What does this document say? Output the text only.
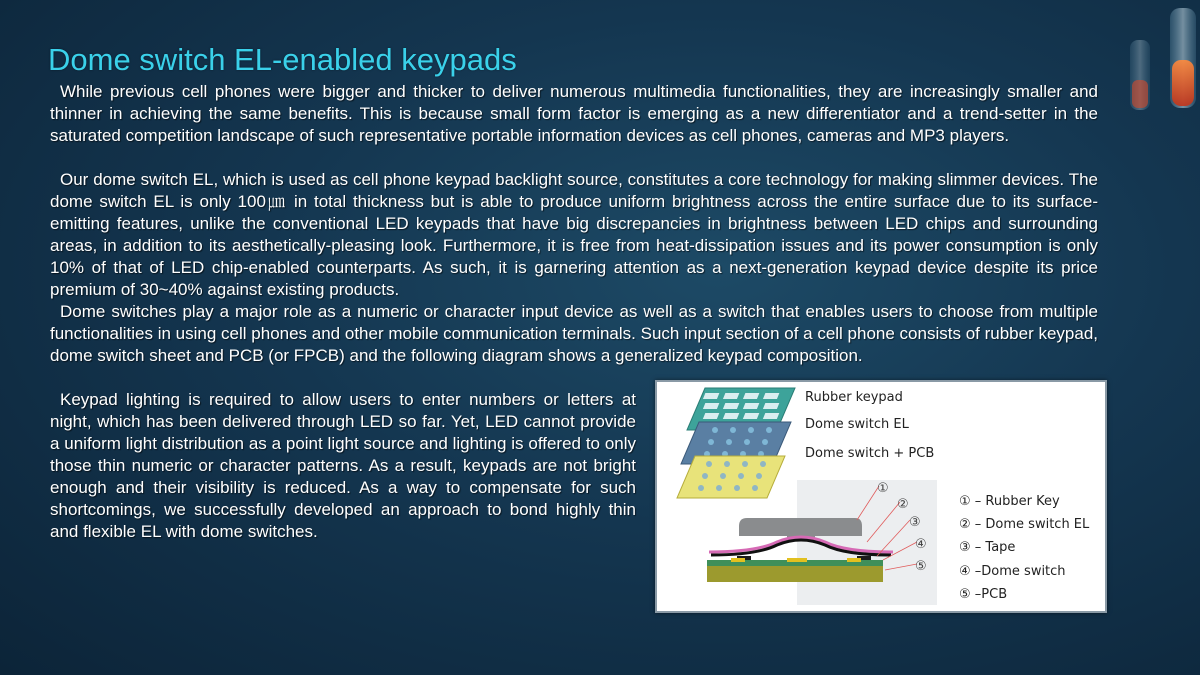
Dome switch EL-enabled keypads

While previous cell phones were bigger and thicker to deliver numerous multimedia functionalities, they are increasingly smaller and thinner in achieving the same benefits. This is because small form factor is emerging as a new differentiator and a trend-setter in the saturated competition landscape of such representative portable information devices as cell phones, cameras and MP3 players.

Our dome switch EL, which is used as cell phone keypad backlight source, constitutes a core technology for making slimmer devices. The dome switch EL is only 100㎛ in total thickness but is able to produce uniform brightness across the entire surface due to its surface-emitting features, unlike the conventional LED keypads that have big discrepancies in brightness between LED chips and surrounding areas, in addition to its aesthetically-pleasing look. Furthermore, it is free from heat-dissipation issues and its power consumption is only 10% of that of LED chip-enabled counterparts. As such, it is garnering attention as a next-generation keypad device despite its price premium of 30~40% against existing products.

Dome switches play a major role as a numeric or character input device as well as a switch that enables users to choose from multiple functionalities in using cell phones and other mobile communication terminals. Such input section of a cell phone consists of rubber keypad, dome switch sheet and PCB (or FPCB) and the following diagram shows a generalized keypad composition.

Keypad lighting is required to allow users to enter numbers or letters at night, which has been delivered through LED so far. Yet, LED cannot provide a uniform light distribution as a point light source and lighting is offered to only those thin numeric or character patterns. As a result, keypads are not bright enough and their visibility is reduced. As a way to compensate for such shortcomings, we successfully developed an approach to bond highly thin and flexible EL with dome switches.

Rubber keypad
Dome switch EL
Dome switch + PCB
①
②
③
④
⑤
① – Rubber Key
② – Dome switch EL
③ – Tape
④ –Dome switch
⑤ –PCB
